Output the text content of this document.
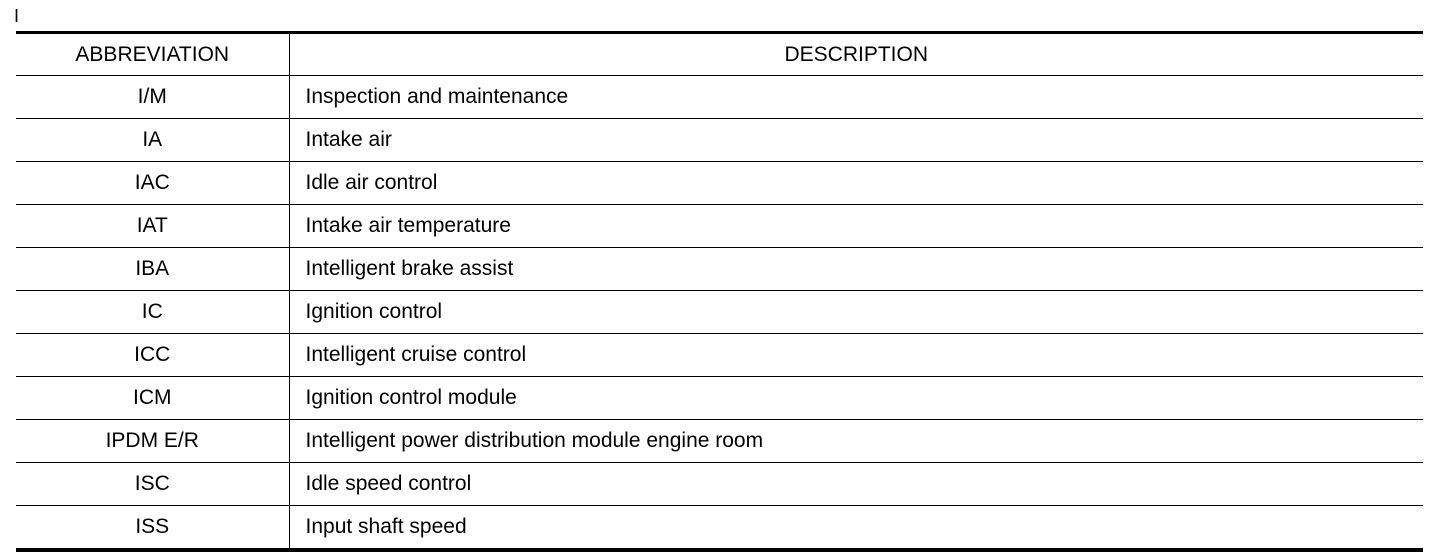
I
ABBREVIATION	DESCRIPTION
I/M	Inspection and maintenance
IA	Intake air
IAC	Idle air control
IAT	Intake air temperature
IBA	Intelligent brake assist
IC	Ignition control
ICC	Intelligent cruise control
ICM	Ignition control module
IPDM E/R	Intelligent power distribution module engine room
ISC	Idle speed control
ISS	Input shaft speed
